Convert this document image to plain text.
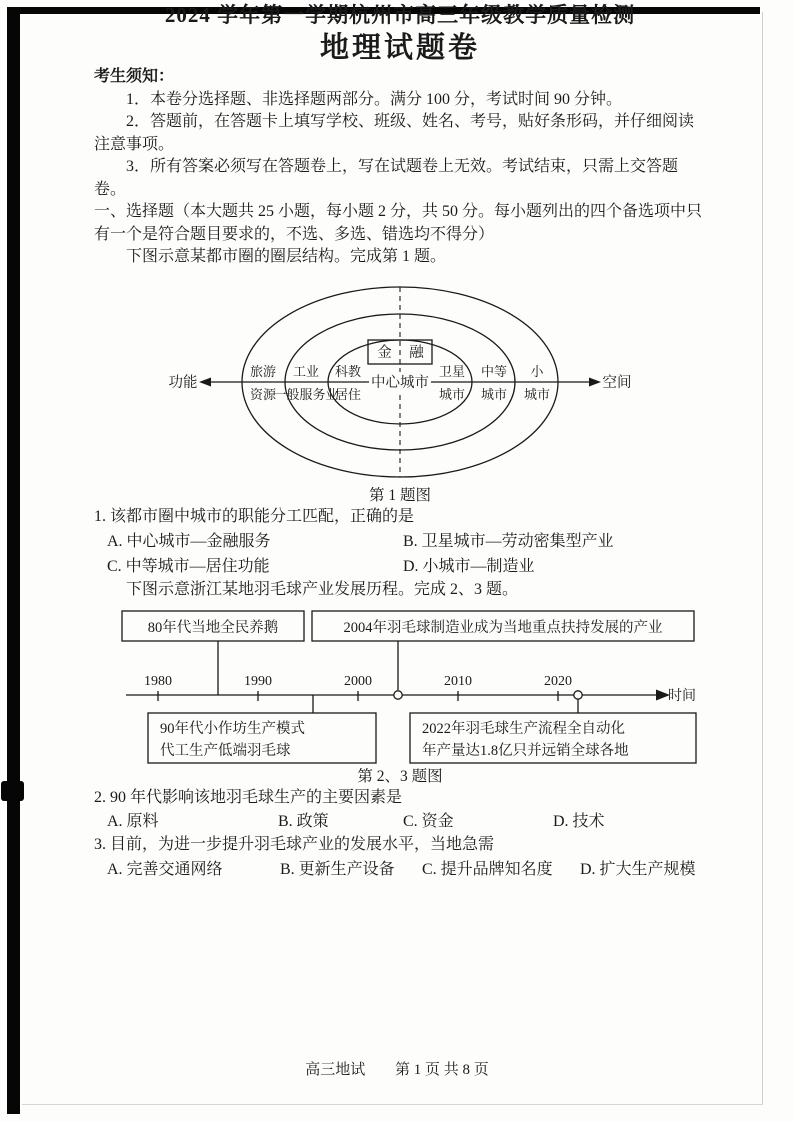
2024 学年第一学期杭州市高三年级教学质量检测

地理试题卷

考生须知：

1．本卷分选择题、非选择题两部分。满分 100 分，考试时间 90 分钟。

2．答题前，在答题卡上填写学校、班级、姓名、考号，贴好条形码，并仔细阅读注意事项。

3．所有答案必须写在答题卷上，写在试题卷上无效。考试结束，只需上交答题卷。

一、选择题（本大题共 25 小题，每小题 2 分，共 50 分。每小题列出的四个备选项中只有一个是符合题目要求的，不选、多选、错选均不得分）

下图示意某都市圈的圈层结构。完成第 1 题。

功能	空间
中心城市
金 融
旅游
资源
工业
一般服务业
科教
居住
卫星
城市
中等
城市
小
城市

第 1 题图

1. 该都市圈中城市的职能分工匹配，正确的是

A. 中心城市—金融服务	B. 卫星城市—劳动密集型产业
C. 中等城市—居住功能	D. 小城市—制造业

下图示意浙江某地羽毛球产业发展历程。完成 2、3 题。

80年代当地全民养鹅	2004年羽毛球制造业成为当地重点扶持发展的产业
时间
1980	1990	2000	2010	2020
90年代小作坊生产模式
代工生产低端羽毛球
2022年羽毛球生产流程全自动化
年产量达1.8亿只并远销全球各地

第 2、3 题图

2. 90 年代影响该地羽毛球生产的主要因素是

A. 原料	B. 政策	C. 资金	D. 技术

3. 目前，为进一步提升羽毛球产业的发展水平，当地急需

A. 完善交通网络	B. 更新生产设备	C. 提升品牌知名度	D. 扩大生产规模
高三地试 第 1 页 共 8 页
